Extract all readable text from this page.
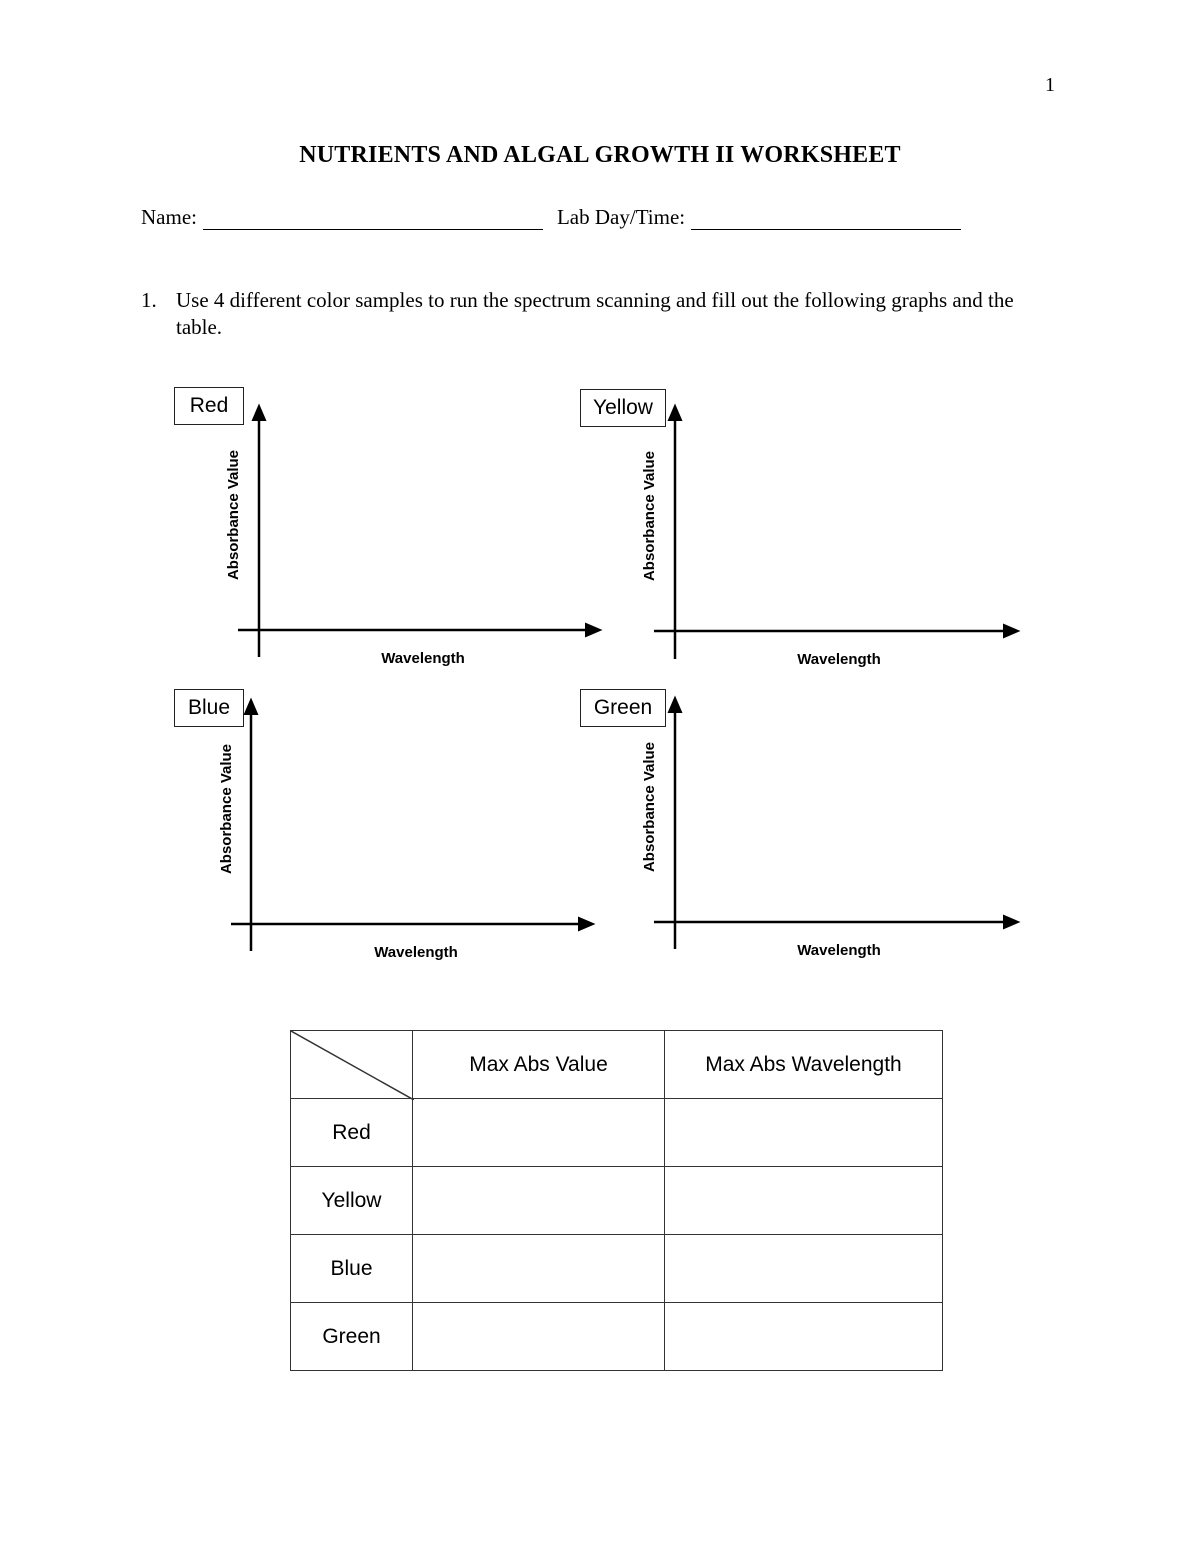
1
NUTRIENTS AND ALGAL GROWTH II WORKSHEET
Name:	Lab Day/Time:
1. Use 4 different color samples to run the spectrum scanning and fill out the following graphs and the table.
Red
Wavelength
Absorbance Value
Yellow
Wavelength
Absorbance Value
Blue
Wavelength
Absorbance Value
Green
Wavelength
Absorbance Value
	Max Abs Value	Max Abs Wavelength
Red		
Yellow		
Blue		
Green		
